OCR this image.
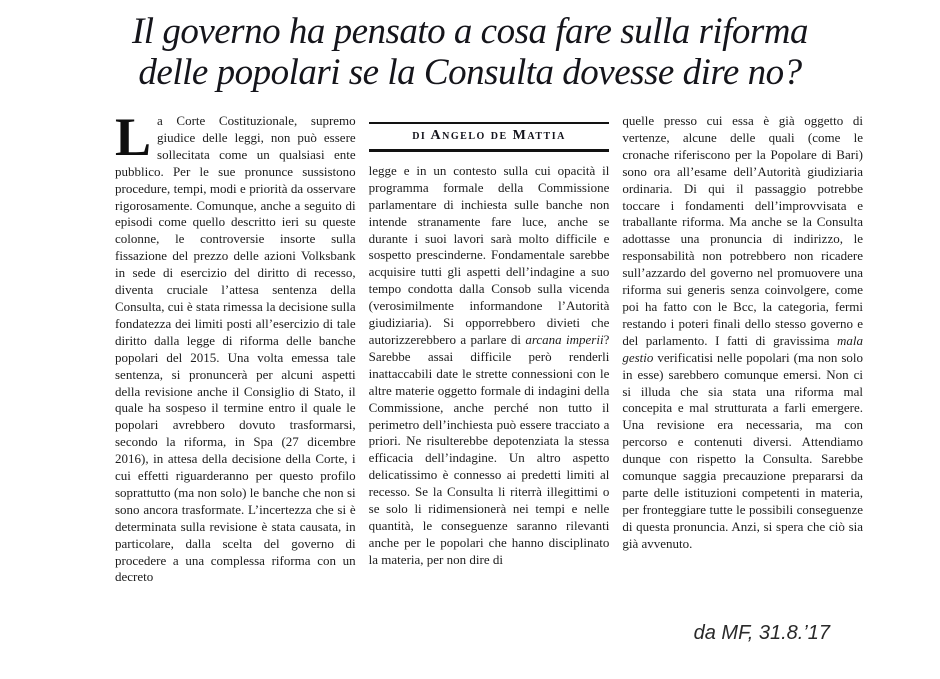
Il governo ha pensato a cosa fare sulla riforma
delle popolari se la Consulta dovesse dire no?
La Corte Costituzionale, supremo giudice delle leggi, non può essere sollecitata come un qualsiasi ente pubblico. Per le sue pronunce sussistono procedure, tempi, modi e priorità da osservare rigorosamente. Comunque, anche a seguito di episodi come quello descritto ieri su queste colonne, le controversie insorte sulla fissazione del prezzo delle azioni Volksbank in sede di esercizio del diritto di recesso, diventa cruciale l’attesa sentenza della Consulta, cui è stata rimessa la decisione sulla fondatezza dei limiti posti all’esercizio di tale diritto dalla legge di riforma delle banche popolari del 2015. Una volta emessa tale sentenza, si pronuncerà per alcuni aspetti della revisione anche il Consiglio di Stato, il quale ha sospeso il termine entro il quale le popolari avrebbero dovuto trasformarsi, secondo la riforma, in Spa (27 dicembre 2016), in attesa della decisione della Corte, i cui effetti riguarderanno per questo profilo soprattutto (ma non solo) le banche che non si sono ancora trasformate. L’incertezza che si è determinata sulla revisione è stata causata, in particolare, dalla scelta del governo di procedere a una complessa riforma con un decreto
di Angelo de Mattia
legge e in un contesto sulla cui opacità il programma formale della Commissione parlamentare di inchiesta sulle banche non intende stranamente fare luce, anche se durante i suoi lavori sarà molto difficile e sospetto prescinderne. Fondamentale sarebbe acquisire tutti gli aspetti dell’indagine a suo tempo condotta dalla Consob sulla vicenda (verosimilmente informandone l’Autorità giudiziaria). Si opporrebbero divieti che autorizzerebbero a parlare di arcana imperii? Sarebbe assai difficile però renderli inattaccabili date le strette connessioni con le altre materie oggetto formale di indagini della Commissione, anche perché non tutto il perimetro dell’inchiesta può essere tracciato a priori. Ne risulterebbe depotenziata la stessa efficacia dell’indagine. Un altro aspetto delicatissimo è connesso ai predetti limiti al recesso. Se la Consulta li riterrà illegittimi o se solo li ridimensionerà nei tempi e nelle quantità, le conseguenze saranno rilevanti anche per le popolari che hanno disciplinato la materia, per non dire di
quelle presso cui essa è già oggetto di vertenze, alcune delle quali (come le cronache riferiscono per la Popolare di Bari) sono ora all’esame dell’Autorità giudiziaria ordinaria. Di qui il passaggio potrebbe toccare i fondamenti dell’improvvisata e traballante riforma. Ma anche se la Consulta adottasse una pronuncia di indirizzo, le responsabilità non potrebbero non ricadere sull’azzardo del governo nel promuovere una riforma sui generis senza coinvolgere, come poi ha fatto con le Bcc, la categoria, fermi restando i poteri finali dello stesso governo e del parlamento. I fatti di gravissima mala gestio verificatisi nelle popolari (ma non solo in esse) sarebbero comunque emersi. Non ci si illuda che sia stata una riforma mal concepita e mal strutturata a farli emergere. Una revisione era necessaria, ma con percorso e contenuti diversi. Attendiamo dunque con rispetto la Consulta. Sarebbe comunque saggia precauzione prepararsi da parte delle istituzioni competenti in materia, per fronteggiare tutte le possibili conseguenze di questa pronuncia. Anzi, si spera che ciò sia già avvenuto.
da MF, 31.8.’17
